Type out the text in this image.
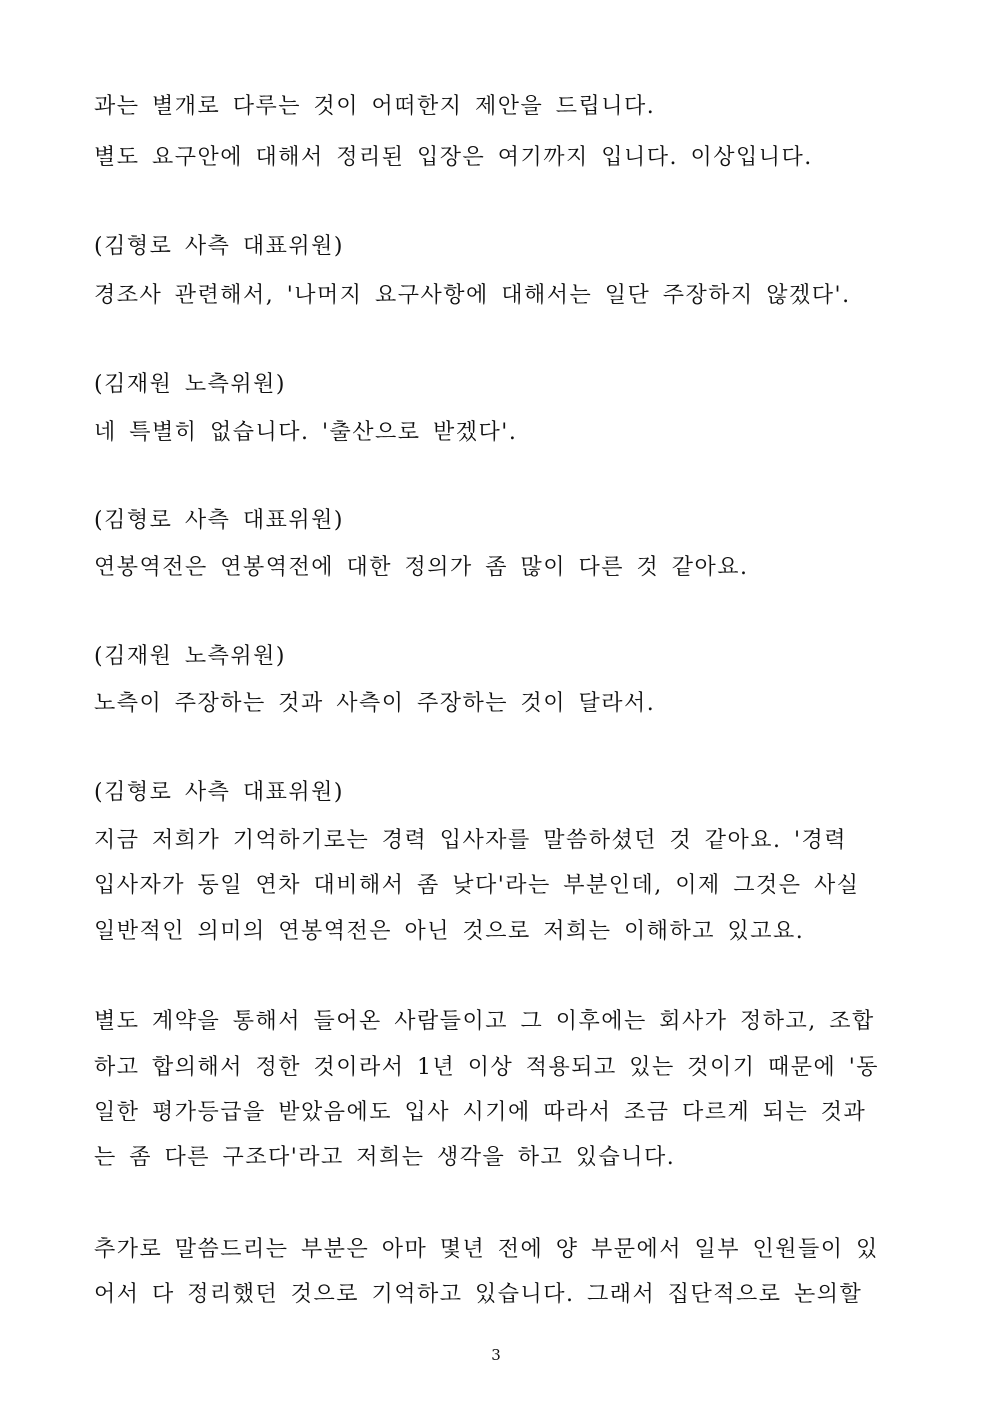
과는 별개로 다루는 것이 어떠한지 제안을 드립니다.
별도 요구안에 대해서 정리된 입장은 여기까지 입니다. 이상입니다.
(김형로 사측 대표위원)
경조사 관련해서, '나머지 요구사항에 대해서는 일단 주장하지 않겠다'.
(김재원 노측위원)
네 특별히 없습니다. '출산으로 받겠다'.
(김형로 사측 대표위원)
연봉역전은 연봉역전에 대한 정의가 좀 많이 다른 것 같아요.
(김재원 노측위원)
노측이 주장하는 것과 사측이 주장하는 것이 달라서.
(김형로 사측 대표위원)
지금 저희가 기억하기로는 경력 입사자를 말씀하셨던 것 같아요. '경력
입사자가 동일 연차 대비해서 좀 낮다'라는 부분인데, 이제 그것은 사실
일반적인 의미의 연봉역전은 아닌 것으로 저희는 이해하고 있고요.
별도 계약을 통해서 들어온 사람들이고 그 이후에는 회사가 정하고, 조합
하고 합의해서 정한 것이라서 1년 이상 적용되고 있는 것이기 때문에 '동
일한 평가등급을 받았음에도 입사 시기에 따라서 조금 다르게 되는 것과
는 좀 다른 구조다'라고 저희는 생각을 하고 있습니다.
추가로 말씀드리는 부분은 아마 몇년 전에 양 부문에서 일부 인원들이 있
어서 다 정리했던 것으로 기억하고 있습니다. 그래서 집단적으로 논의할
3
